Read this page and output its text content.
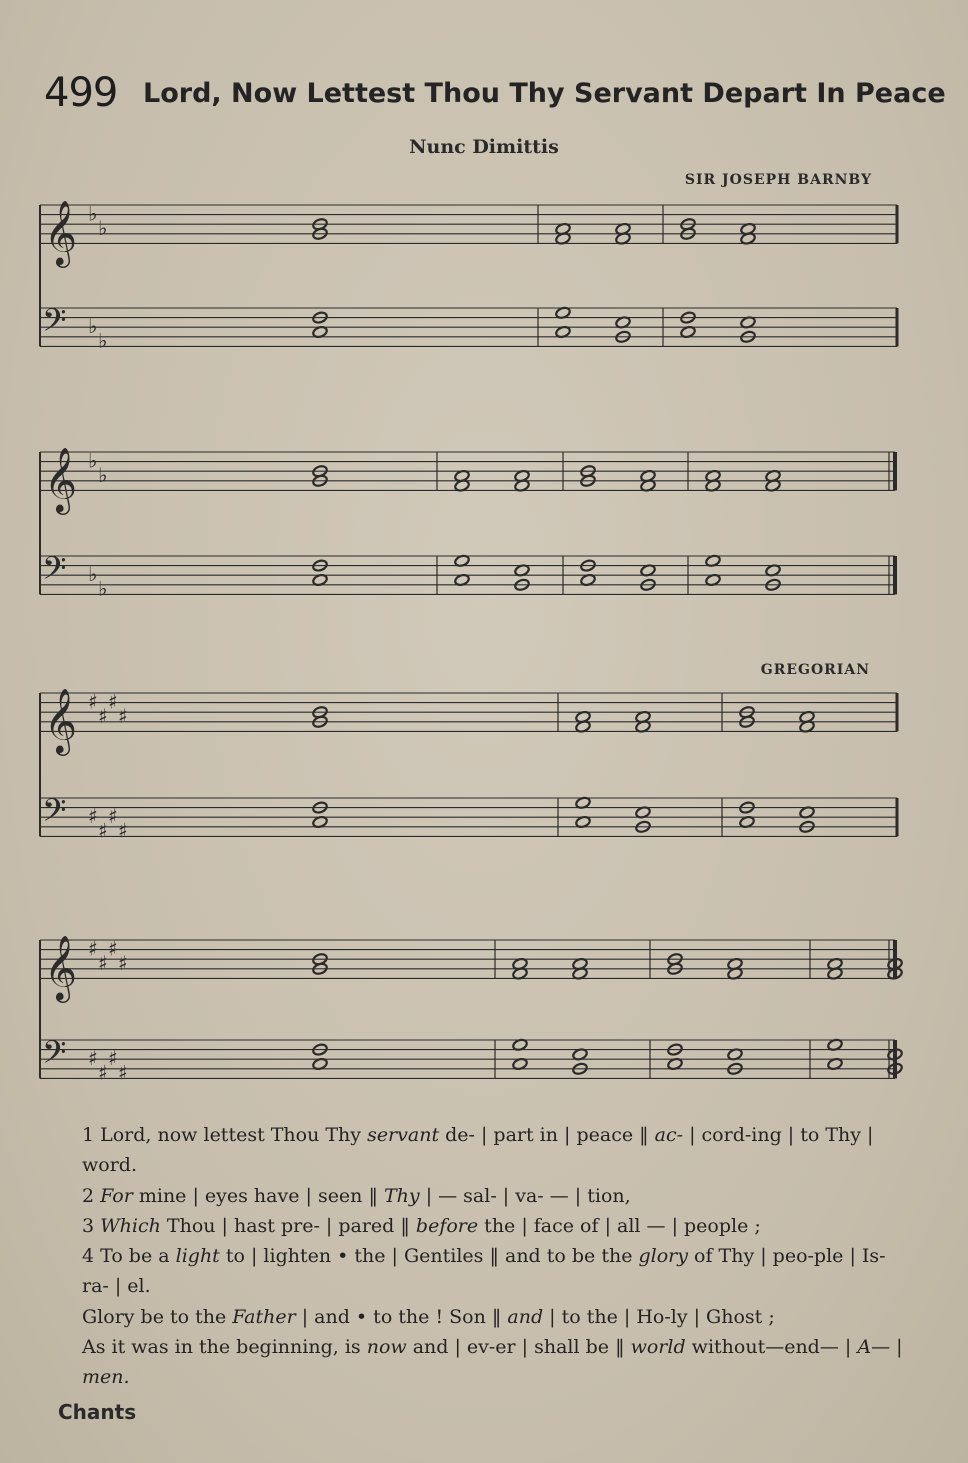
499 Lord, Now Lettest Thou Thy Servant Depart In Peace
Nunc Dimittis
SIR JOSEPH BARNBY
GREGORIAN
𝄞
𝄢
♭
♭
♭
♭
𝄞
𝄢
♭
♭
♭
♭
𝄞
𝄢
♯
♯
♯
♯
♯
♯
♯
♯
𝄞
𝄢
♯
♯
♯
♯
♯
♯
♯
♯

1 Lord, now lettest Thou Thy servant de- | part in | peace ‖ ac- | cord-ing | to Thy | word.

2 For mine | eyes have | seen ‖ Thy | — sal- | va- — | tion,

3 Which Thou | hast pre- | pared ‖ before the | face of | all — | people ;

4 To be a light to | lighten • the | Gentiles ‖ and to be the glory of Thy | peo-ple | Is-ra- | el.

Glory be to the Father | and • to the ! Son ‖ and | to the | Ho-ly | Ghost ;

As it was in the beginning, is now and | ev-er | shall be ‖ world without—end— | A— | men.

Chants
